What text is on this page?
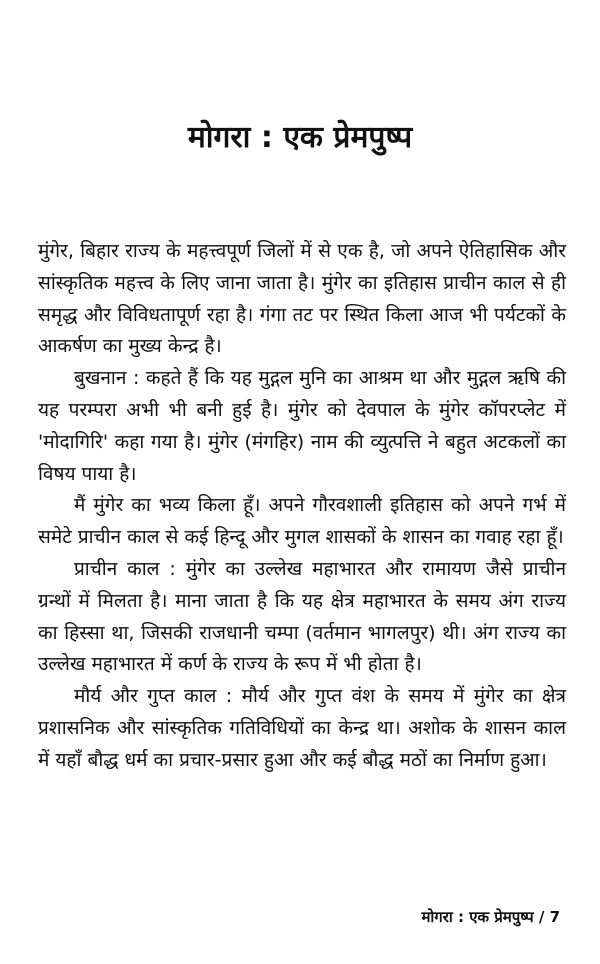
मोगरा : एक प्रेमपुष्प

मुंगेर, बिहार राज्य के महत्त्वपूर्ण जिलों में से एक है, जो अपने ऐतिहासिक और सांस्कृतिक महत्त्व के लिए जाना जाता है। मुंगेर का इतिहास प्राचीन काल से ही समृद्ध और विविधतापूर्ण रहा है। गंगा तट पर स्थित किला आज भी पर्यटकों के आकर्षण का मुख्य केन्द्र है।

बुखनान : कहते हैं कि यह मुद्गल मुनि का आश्रम था और मुद्गल ऋषि की यह परम्परा अभी भी बनी हुई है। मुंगेर को देवपाल के मुंगेर कॉपरप्लेट में 'मोदागिरि' कहा गया है। मुंगेर (मंगहिर) नाम की व्युत्पत्ति ने बहुत अटकलों का विषय पाया है।

मैं मुंगेर का भव्य किला हूँ। अपने गौरवशाली इतिहास को अपने गर्भ में समेटे प्राचीन काल से कई हिन्दू और मुगल शासकों के शासन का गवाह रहा हूँ।

प्राचीन काल : मुंगेर का उल्लेख महाभारत और रामायण जैसे प्राचीन ग्रन्थों में मिलता है। माना जाता है कि यह क्षेत्र महाभारत के समय अंग राज्य का हिस्सा था, जिसकी राजधानी चम्पा (वर्तमान भागलपुर) थी। अंग राज्य का उल्लेख महाभारत में कर्ण के राज्य के रूप में भी होता है।

मौर्य और गुप्त काल : मौर्य और गुप्त वंश के समय में मुंगेर का क्षेत्र प्रशासनिक और सांस्कृतिक गतिविधियों का केन्द्र था। अशोक के शासन काल में यहाँ बौद्ध धर्म का प्रचार-प्रसार हुआ और कई बौद्ध मठों का निर्माण हुआ।

मोगरा : एक प्रेमपुष्प / 7
